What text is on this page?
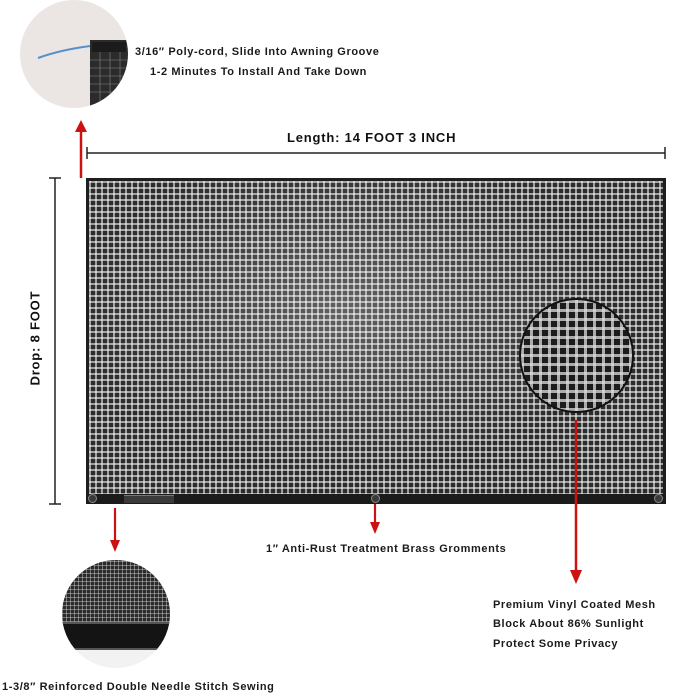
3/16″ Poly-cord, Slide Into Awning Groove
1-2 Minutes To Install And Take Down
Length: 14 FOOT 3 INCH
Drop: 8 FOOT
1″ Anti-Rust Treatment Brass Gromments
Premium Vinyl Coated Mesh
Block About 86% Sunlight
Protect Some Privacy
1-3/8″ Reinforced Double Needle Stitch Sewing
